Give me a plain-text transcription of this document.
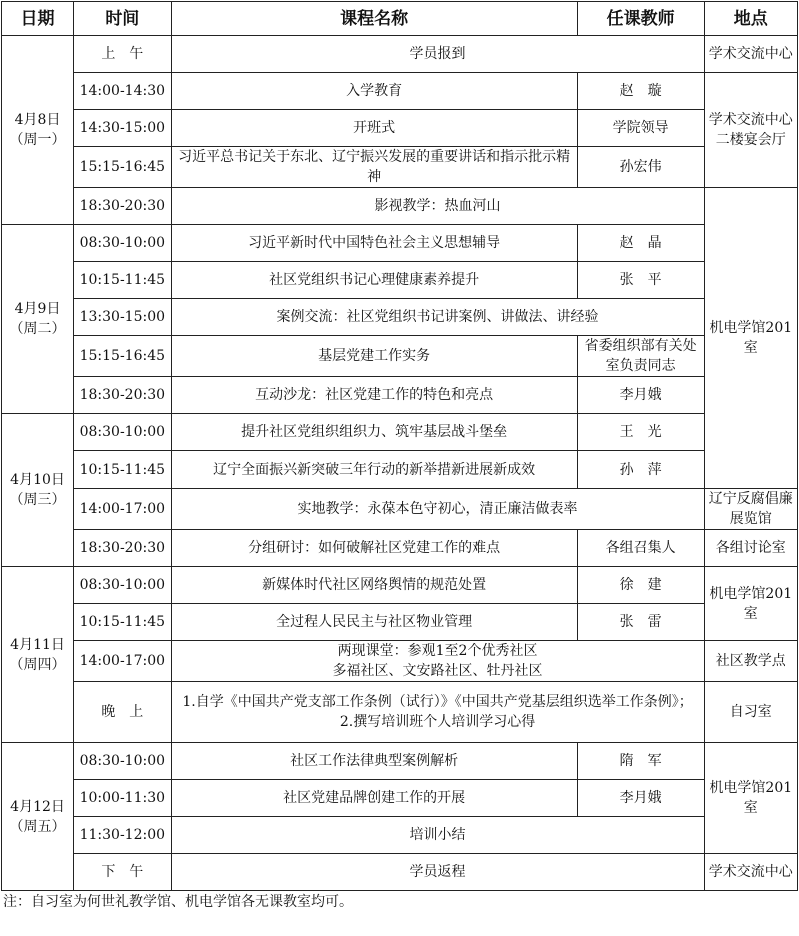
日期	时间	课程名称	任课教师	地点

4月8日
（周一）	上　午	学员报到		学术交流中心
	14:00-14:30	入学教育	赵　璇	学术交流中心二楼宴会厅
	14:30-15:00	开班式	学院领导	
	15:15-16:45	习近平总书记关于东北、辽宁振兴发展的重要讲话和指示批示精神	孙宏伟	
	18:30-20:30	影视教学：热血河山		机电学馆201室

4月9日
（周二）	08:30-10:00	习近平新时代中国特色社会主义思想辅导	赵　晶	
	10:15-11:45	社区党组织书记心理健康素养提升	张　平	
	13:30-15:00	案例交流：社区党组织书记讲案例、讲做法、讲经验		
	15:15-16:45	基层党建工作实务	省委组织部有关处室负责同志	
	18:30-20:30	互动沙龙：社区党建工作的特色和亮点	李月娥	

4月10日
（周三）	08:30-10:00	提升社区党组织组织力、筑牢基层战斗堡垒	王　光	
	10:15-11:45	辽宁全面振兴新突破三年行动的新举措新进展新成效	孙　萍	
	14:00-17:00	实地教学：永葆本色守初心，清正廉洁做表率		辽宁反腐倡廉展览馆
	18:30-20:30	分组研讨：如何破解社区党建工作的难点	各组召集人	各组讨论室

4月11日
（周四）	08:30-10:00	新媒体时代社区网络舆情的规范处置	徐　建	机电学馆201室
	10:15-11:45	全过程人民民主与社区物业管理	张　雷	
	14:00-17:00	两现课堂：参观1至2个优秀社区
多福社区、文安路社区、牡丹社区		社区教学点
	晚　上	1.自学《中国共产党支部工作条例（试行）》《中国共产党基层组织选举工作条例》；
2.撰写培训班个人培训学习心得		自习室

4月12日
（周五）	08:30-10:00	社区工作法律典型案例解析	隋　军	机电学馆201室
	10:00-11:30	社区党建品牌创建工作的开展	李月娥	
	11:30-12:00	培训小结		
	下　午	学员返程		学术交流中心
注：自习室为何世礼教学馆、机电学馆各无课教室均可。
